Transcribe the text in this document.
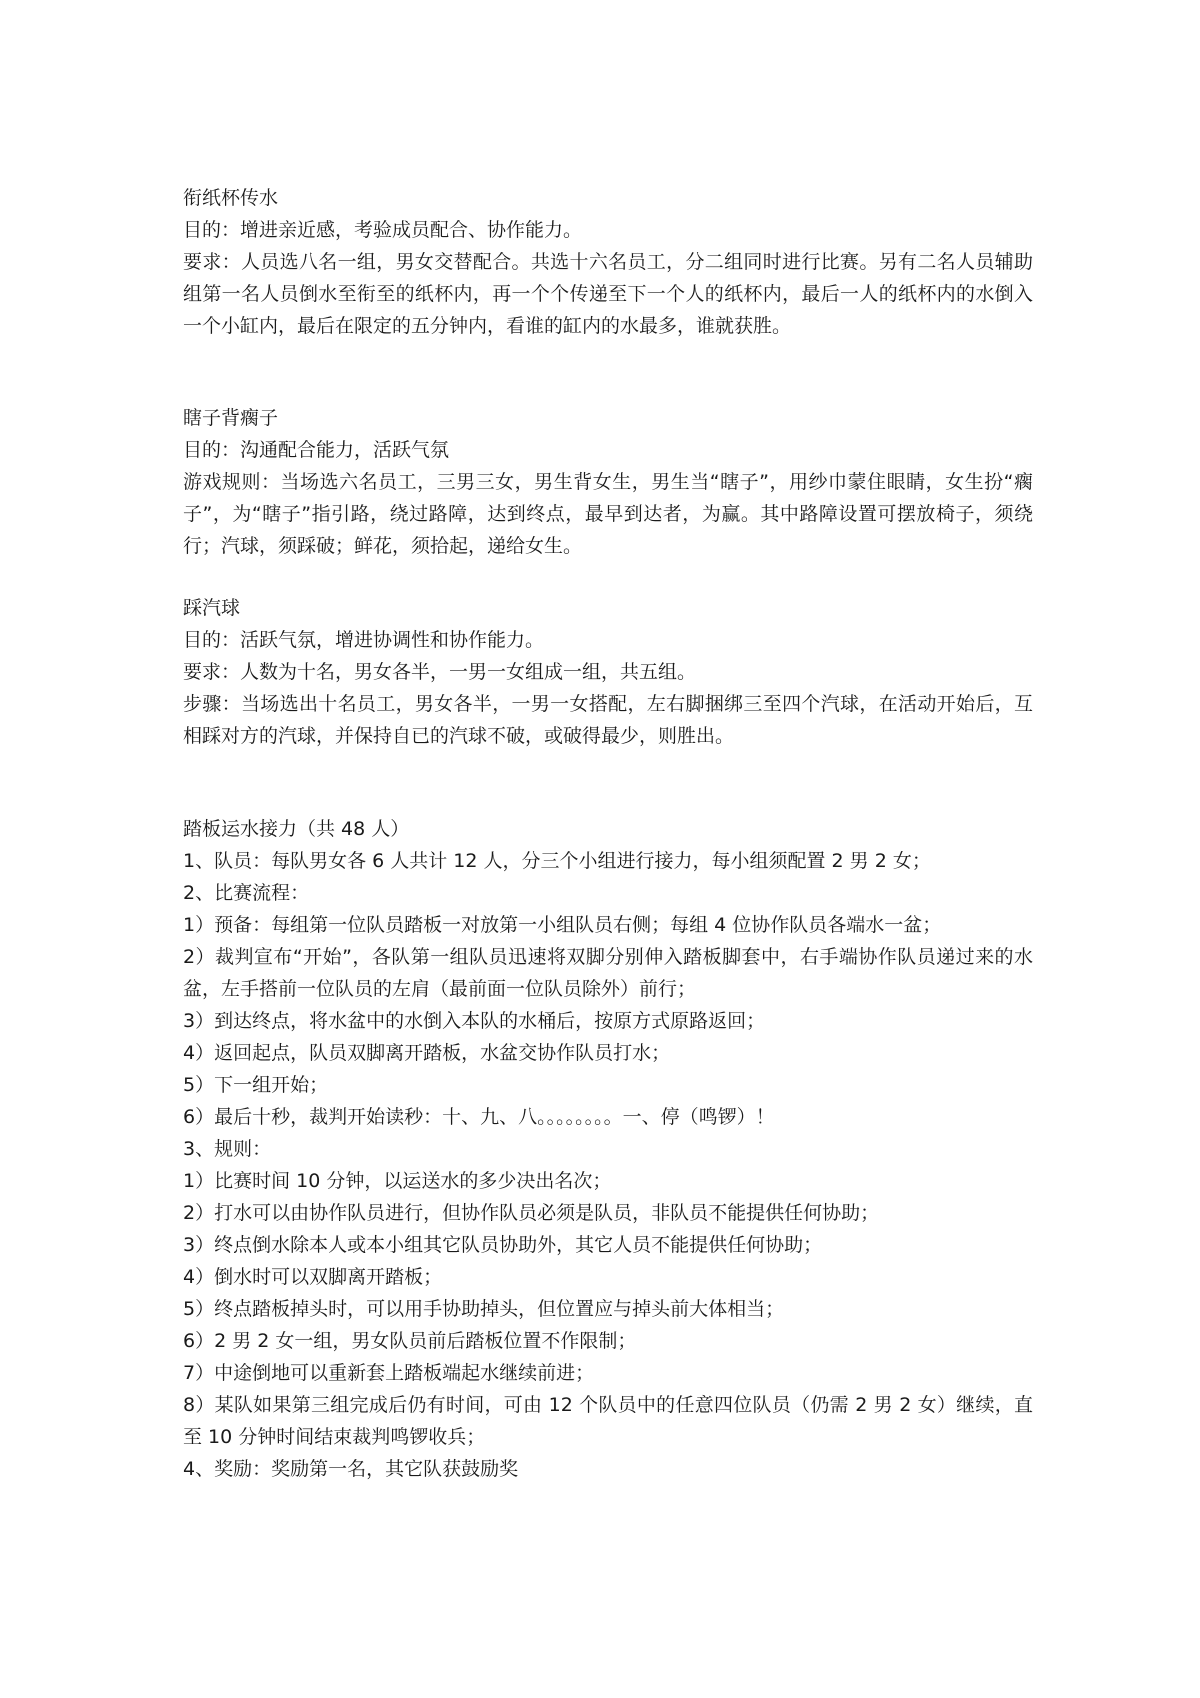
衔纸杯传水

目的：增进亲近感，考验成员配合、协作能力。

要求：人员选八名一组，男女交替配合。共选十六名员工，分二组同时进行比赛。另有二名人员辅助组第一名人员倒水至衔至的纸杯内，再一个个传递至下一个人的纸杯内，最后一人的纸杯内的水倒入一个小缸内，最后在限定的五分钟内，看谁的缸内的水最多，谁就获胜。

瞎子背瘸子

目的：沟通配合能力，活跃气氛

游戏规则：当场选六名员工，三男三女，男生背女生，男生当“瞎子”，用纱巾蒙住眼睛，女生扮“瘸子”，为“瞎子”指引路，绕过路障，达到终点，最早到达者，为赢。其中路障设置可摆放椅子，须绕行；汽球，须踩破；鲜花，须拾起，递给女生。

踩汽球

目的：活跃气氛，增进协调性和协作能力。

要求：人数为十名，男女各半，一男一女组成一组，共五组。

步骤：当场选出十名员工，男女各半，一男一女搭配，左右脚捆绑三至四个汽球，在活动开始后，互相踩对方的汽球，并保持自已的汽球不破，或破得最少，则胜出。

踏板运水接力（共 48 人）

1、队员：每队男女各 6 人共计 12 人，分三个小组进行接力，每小组须配置 2 男 2 女；

2、比赛流程：

1）预备：每组第一位队员踏板一对放第一小组队员右侧；每组 4 位协作队员各端水一盆；

2）裁判宣布“开始”，各队第一组队员迅速将双脚分别伸入踏板脚套中，右手端协作队员递过来的水盆，左手搭前一位队员的左肩（最前面一位队员除外）前行；

3）到达终点，将水盆中的水倒入本队的水桶后，按原方式原路返回；

4）返回起点，队员双脚离开踏板，水盆交协作队员打水；

5）下一组开始；

6）最后十秒，裁判开始读秒：十、九、八。。。。。。。。一、停（鸣锣）！

3、规则：

1）比赛时间 10 分钟，以运送水的多少决出名次；

2）打水可以由协作队员进行，但协作队员必须是队员，非队员不能提供任何协助；

3）终点倒水除本人或本小组其它队员协助外，其它人员不能提供任何协助；

4）倒水时可以双脚离开踏板；

5）终点踏板掉头时，可以用手协助掉头，但位置应与掉头前大体相当；

6）2 男 2 女一组，男女队员前后踏板位置不作限制；

7）中途倒地可以重新套上踏板端起水继续前进；

8）某队如果第三组完成后仍有时间，可由 12 个队员中的任意四位队员（仍需 2 男 2 女）继续，直至 10 分钟时间结束裁判鸣锣收兵；

4、奖励：奖励第一名，其它队获鼓励奖
